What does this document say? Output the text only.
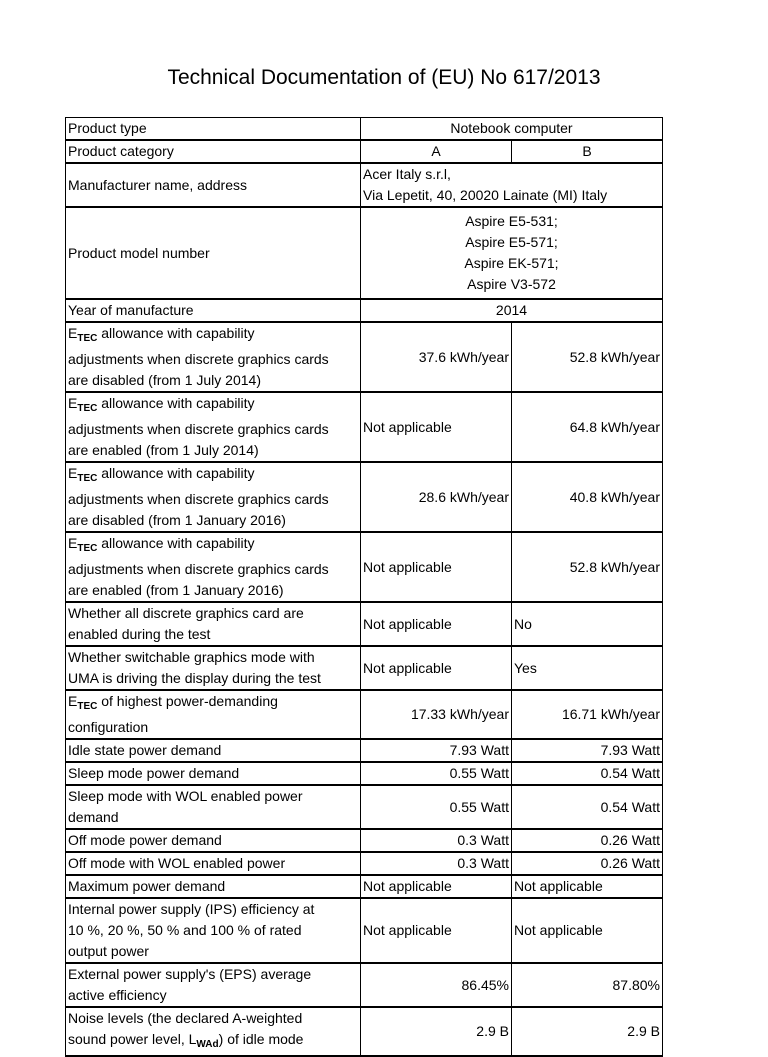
Technical Documentation of (EU) No 617/2013
Product type	Notebook computer	
Product category	A	B
Manufacturer name, address	Acer Italy s.r.l,
Via Lepetit, 40, 20020 Lainate (MI) Italy	
Product model number	Aspire E5-531;
Aspire E5-571;
Aspire EK-571;
Aspire V3-572	
Year of manufacture	2014	
$E_{TEC}$ allowance with capability
adjustments when discrete graphics cards
are disabled (from 1 July 2014)	37.6 kWh/year	52.8 kWh/year
$E_{TEC}$ allowance with capability
adjustments when discrete graphics cards
are enabled (from 1 July 2014)	Not applicable	64.8 kWh/year
$E_{TEC}$ allowance with capability
adjustments when discrete graphics cards
are disabled (from 1 January 2016)	28.6 kWh/year	40.8 kWh/year
$E_{TEC}$ allowance with capability
adjustments when discrete graphics cards
are enabled (from 1 January 2016)	Not applicable	52.8 kWh/year
Whether all discrete graphics card are
enabled during the test	Not applicable	No
Whether switchable graphics mode with
UMA is driving the display during the test	Not applicable	Yes
$E_{TEC}$ of highest power-demanding
configuration	17.33 kWh/year	16.71 kWh/year
Idle state power demand	7.93 Watt	7.93 Watt
Sleep mode power demand	0.55 Watt	0.54 Watt
Sleep mode with WOL enabled power
demand	0.55 Watt	0.54 Watt
Off mode power demand	0.3 Watt	0.26 Watt
Off mode with WOL enabled power	0.3 Watt	0.26 Watt
Maximum power demand	Not applicable	Not applicable
Internal power supply (IPS) efficiency at
10 %, 20 %, 50 % and 100 % of rated
output power	Not applicable	Not applicable
External power supply's (EPS) average
active efficiency	86.45%	87.80%
Noise levels (the declared A-weighted
sound power level, $L_{WAd}$) of idle mode	2.9 B	2.9 B
